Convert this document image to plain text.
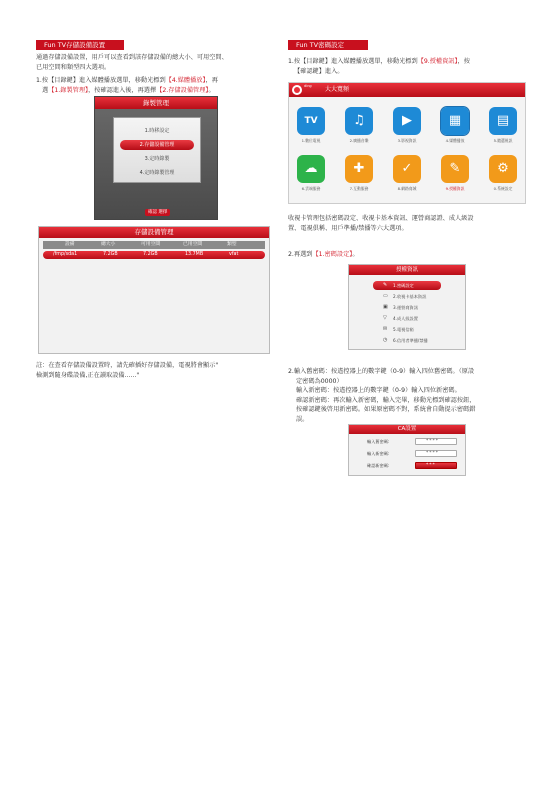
Fun TV存儲設備設置
通過存儲設備設置，用戶可以查看到該存儲設備的總大小、可用空間、
已用空間和類型四大選項。
1.按【目錄鍵】進入媒體播放選單，移動光標到【4.媒體播放】，再
選【1.錄製管理】，按確認進入後，再選擇【2.存儲設備管理】。
錄製管理
1.時移設定
2.存儲設備管理
3.定時錄製
4.定時錄製管理
確認 選擇
存儲設備管理
設備	總大小	可用空間	已用空間	類型
/fmp/sda1	7.2GB	7.2GB	13.7MB	vfat
註：在查看存儲設備設置時，請先確插好存儲設備，電視將會顯示"
檢測到隨身碟設備,正在讀取設備......"
Fun TV密碼設定
1.按【目錄鍵】進入媒體播放選單，移動光標到【9.授權資訊】，按
【確認鍵】進入。
ding 大大寬頻
TV
1.數位電視
♫
2.廣播音樂
▶
3.影視資訊
▦
4.媒體播放
▤
5.隨選視訊
☁
6.雲端服務
✚
7.互動服務
✓
8.網路商城
✎
9.授權資訊
⚙
0.系統設定
收視卡管理包括密碼設定、收視卡基本資訊、運營商認證、成人級設
置、電視俱稱、用戶準播/禁播等六大選項。
2.再選到【1.密碼設定】。
授權資訊
✎ 1.密碼設定
▭ 2.收視卡基本資訊
▣ 3.運營商資訊
▽ 4.成人級設置
✉ 5.電視信箱
◷ 6.信用者準播/禁播
2.輸入舊密碼：按遙控器上的數字鍵（0-9）輸入四位舊密碼。（原設
定密碼為0000）
輸入新密碼：按遙控器上的數字鍵（0-9）輸入四位新密碼。
確認新密碼：再次輸入新密碼，輸入完畢，移動光標到確認按鈕，
按確認鍵後啓用新密碼。如果原密碼不對，系統會自動提示密碼錯
誤。
CA設置
輸入舊密碼:	****
輸入新密碼:	****
確認新密碼:	***
